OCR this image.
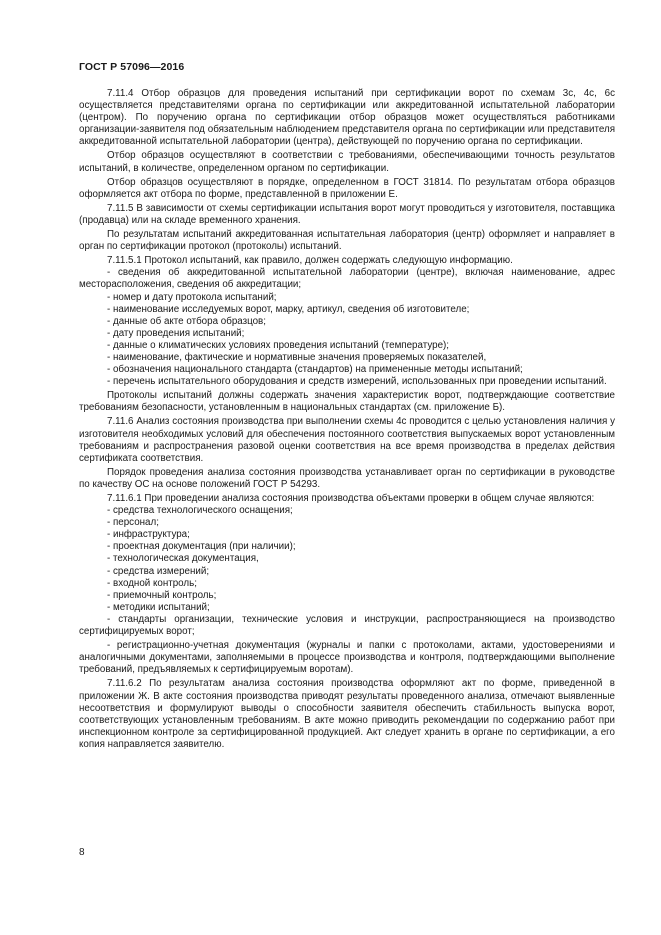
ГОСТ Р 57096—2016

7.11.4 Отбор образцов для проведения испытаний при сертификации ворот по схемам 3с, 4с, 6с осуществляется представителями органа по сертификации или аккредитованной испытательной лаборатории (центром). По поручению органа по сертификации отбор образцов может осуществляться работниками организации-заявителя под обязательным наблюдением представителя органа по сертификации или представителя аккредитованной испытательной лаборатории (центра), действующей по поручению органа по сертификации.

Отбор образцов осуществляют в соответствии с требованиями, обеспечивающими точность результатов испытаний, в количестве, определенном органом по сертификации.

Отбор образцов осуществляют в порядке, определенном в ГОСТ 31814. По результатам отбора образцов оформляется акт отбора по форме, представленной в приложении Е.

7.11.5 В зависимости от схемы сертификации испытания ворот могут проводиться у изготовителя, поставщика (продавца) или на складе временного хранения.

По результатам испытаний аккредитованная испытательная лаборатория (центр) оформляет и направляет в орган по сертификации протокол (протоколы) испытаний.

7.11.5.1 Протокол испытаний, как правило, должен содержать следующую информацию.

- сведения об аккредитованной испытательной лаборатории (центре), включая наименование, адрес месторасположения, сведения об аккредитации;

- номер и дату протокола испытаний;

- наименование исследуемых ворот, марку, артикул, сведения об изготовителе;

- данные об акте отбора образцов;

- дату проведения испытаний;

- данные о климатических условиях проведения испытаний (температуре);

- наименование, фактические и нормативные значения проверяемых показателей,

- обозначения национального стандарта (стандартов) на примененные методы испытаний;

- перечень испытательного оборудования и средств измерений, использованных при проведении испытаний.

Протоколы испытаний должны содержать значения характеристик ворот, подтверждающие соответствие требованиям безопасности, установленным в национальных стандартах (см. приложение Б).

7.11.6 Анализ состояния производства при выполнении схемы 4с проводится с целью установления наличия у изготовителя необходимых условий для обеспечения постоянного соответствия выпускаемых ворот установленным требованиям и распространения разовой оценки соответствия на все время производства в пределах действия сертификата соответствия.

Порядок проведения анализа состояния производства устанавливает орган по сертификации в руководстве по качеству ОС на основе положений ГОСТ Р 54293.

7.11.6.1 При проведении анализа состояния производства объектами проверки в общем случае являются:

- средства технологического оснащения;

- персонал;

- инфраструктура;

- проектная документация (при наличии);

- технологическая документация,

- средства измерений;

- входной контроль;

- приемочный контроль;

- методики испытаний;

- стандарты организации, технические условия и инструкции, распространяющиеся на производство сертифицируемых ворот;

- регистрационно-учетная документация (журналы и папки с протоколами, актами, удостоверениями и аналогичными документами, заполняемыми в процессе производства и контроля, подтверждающими выполнение требований, предъявляемых к сертифицируемым воротам).

7.11.6.2 По результатам анализа состояния производства оформляют акт по форме, приведенной в приложении Ж. В акте состояния производства приводят результаты проведенного анализа, отмечают выявленные несоответствия и формулируют выводы о способности заявителя обеспечить стабильность выпуска ворот, соответствующих установленным требованиям. В акте можно приводить рекомендации по содержанию работ при инспекционном контроле за сертифицированной продукцией. Акт следует хранить в органе по сертификации, а его копия направляется заявителю.

8
